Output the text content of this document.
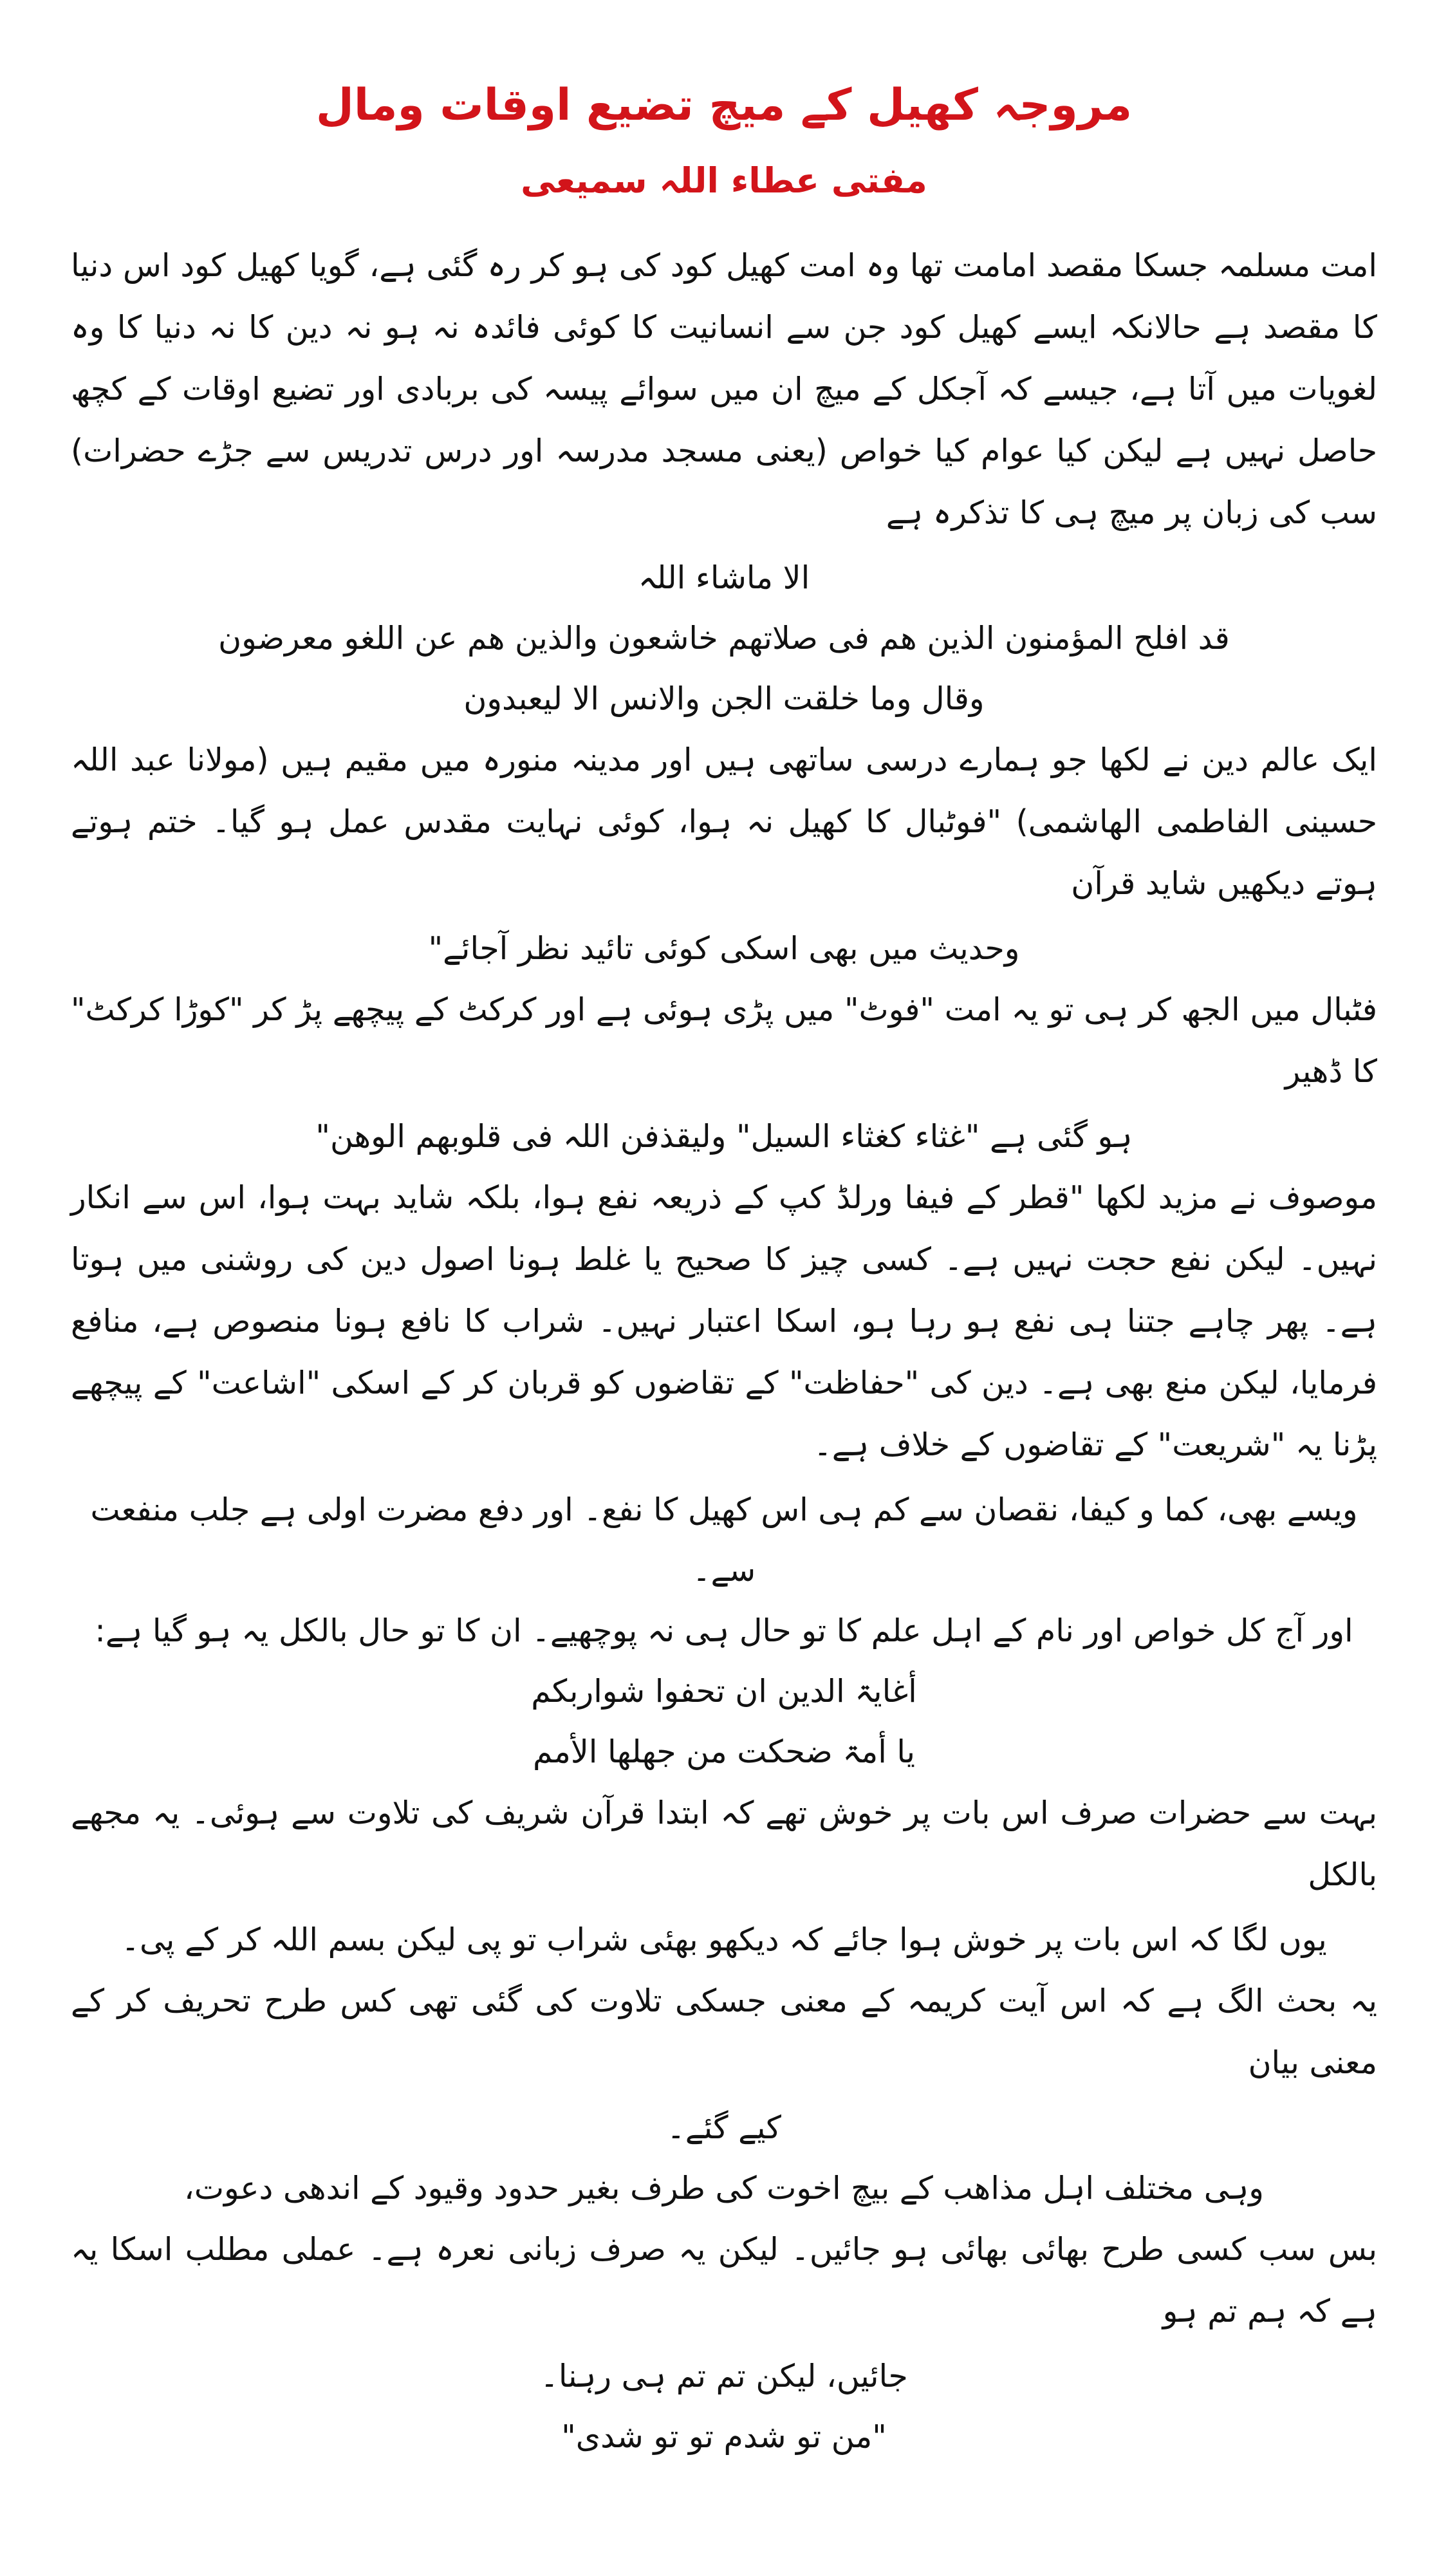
مروجہ کھیل کے میچ تضیع اوقات ومال
مفتی عطاء اللہ سمیعی

امت مسلمہ جسکا مقصد امامت تھا وہ امت کھیل کود کی ہو کر رہ گئی ہے، گویا کھیل کود اس دنیا کا مقصد ہے حالانکہ ایسے کھیل کود جن سے انسانیت کا کوئی فائدہ نہ ہو نہ دین کا نہ دنیا کا وہ لغویات میں آتا ہے، جیسے کہ آجکل کے میچ ان میں سوائے پیسہ کی بربادی اور تضیع اوقات کے کچھ حاصل نہیں ہے لیکن کیا عوام کیا خواص (یعنی مسجد مدرسہ اور درس تدریس سے جڑے حضرات) سب کی زبان پر میچ ہی کا تذکرہ ہے

الا ماشاء اللہ

قد افلح المؤمنون الذین ھم فی صلاتھم خاشعون والذین ھم عن اللغو معرضون

وقال وما خلقت الجن والانس الا لیعبدون

ایک عالم دین نے لکھا جو ہمارے درسی ساتھی ہیں اور مدینہ منورہ میں مقیم ہیں (مولانا عبد اللہ حسینی الفاطمی الھاشمی) "فوٹبال کا کھیل نہ ہوا، کوئی نہایت مقدس عمل ہو گیا۔ ختم ہوتے ہوتے دیکھیں شاید قرآن

وحدیث میں بھی اسکی کوئی تائید نظر آجائے"

فٹبال میں الجھ کر ہی تو یہ امت "فوٹ" میں پڑی ہوئی ہے اور کرکٹ کے پیچھے پڑ کر "کوڑا کرکٹ" کا ڈھیر

ہو گئی ہے "غثاء کغثاء السیل" ولیقذفن اللہ فی قلوبھم الوھن"

موصوف نے مزید لکھا "قطر کے فیفا ورلڈ کپ کے ذریعہ نفع ہوا، بلکہ شاید بہت ہوا، اس سے انکار نہیں۔ لیکن نفع حجت نہیں ہے۔ کسی چیز کا صحیح یا غلط ہونا اصول دین کی روشنی میں ہوتا ہے۔ پھر چاہے جتنا ہی نفع ہو رہا ہو، اسکا اعتبار نہیں۔ شراب کا نافع ہونا منصوص ہے، منافع فرمایا، لیکن منع بھی ہے۔ دین کی "حفاظت" کے تقاضوں کو قربان کر کے اسکی "اشاعت" کے پیچھے پڑنا یہ "شریعت" کے تقاضوں کے خلاف ہے۔

ویسے بھی، کما و کیفا، نقصان سے کم ہی اس کھیل کا نفع۔ اور دفع مضرت اولی ہے جلب منفعت سے۔

اور آج کل خواص اور نام کے اہل علم کا تو حال ہی نہ پوچھیے۔ ان کا تو حال بالکل یہ ہو گیا ہے:

أغایۃ الدین ان تحفوا شواربکم

یا أمۃ ضحکت من جھلھا الأمم

بہت سے حضرات صرف اس بات پر خوش تھے کہ ابتدا قرآن شریف کی تلاوت سے ہوئی۔ یہ مجھے بالکل

یوں لگا کہ اس بات پر خوش ہوا جائے کہ دیکھو بھئی شراب تو پی لیکن بسم اللہ کر کے پی۔

یہ بحث الگ ہے کہ اس آیت کریمہ کے معنی جسکی تلاوت کی گئی تھی کس طرح تحریف کر کے معنی بیان

کیے گئے۔

وہی مختلف اہل مذاھب کے بیچ اخوت کی طرف بغیر حدود وقیود کے اندھی دعوت،

بس سب کسی طرح بھائی بھائی ہو جائیں۔ لیکن یہ صرف زبانی نعرہ ہے۔ عملی مطلب اسکا یہ ہے کہ ہم تم ہو

جائیں، لیکن تم تم ہی رہنا۔

"من تو شدم تو تو شدی"
